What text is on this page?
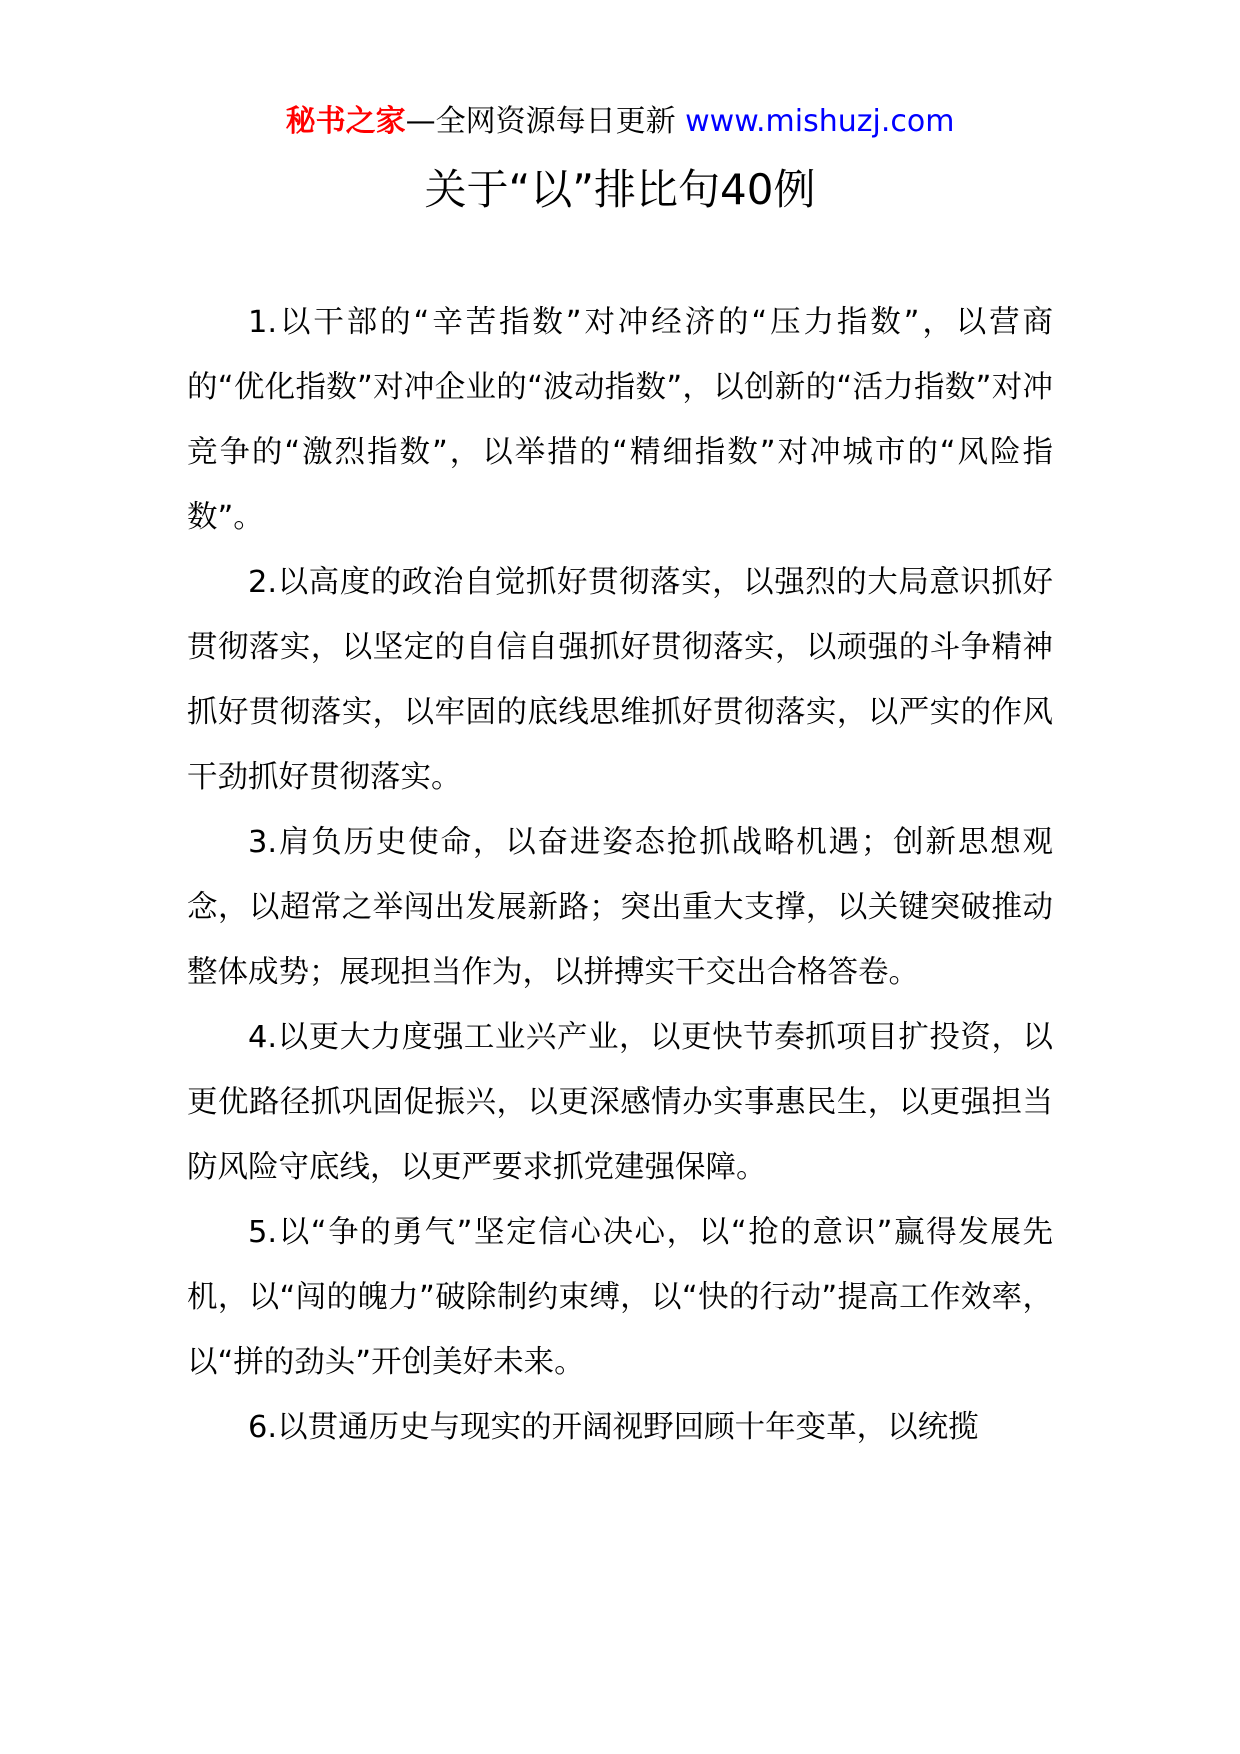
秘书之家—全网资源每日更新 www.mishuzj.com
关于“以”排比句40例

1.以干部的“辛苦指数”对冲经济的“压力指数”，以营商的“优化指数”对冲企业的“波动指数”，以创新的“活力指数”对冲竞争的“激烈指数”，以举措的“精细指数”对冲城市的“风险指数”。

2.以高度的政治自觉抓好贯彻落实，以强烈的大局意识抓好贯彻落实，以坚定的自信自强抓好贯彻落实，以顽强的斗争精神抓好贯彻落实，以牢固的底线思维抓好贯彻落实，以严实的作风干劲抓好贯彻落实。

3.肩负历史使命，以奋进姿态抢抓战略机遇；创新思想观念，以超常之举闯出发展新路；突出重大支撑，以关键突破推动整体成势；展现担当作为，以拼搏实干交出合格答卷。

4.以更大力度强工业兴产业，以更快节奏抓项目扩投资，以更优路径抓巩固促振兴，以更深感情办实事惠民生，以更强担当防风险守底线，以更严要求抓党建强保障。

5.以“争的勇气”坚定信心决心，以“抢的意识”赢得发展先机，以“闯的魄力”破除制约束缚，以“快的行动”提高工作效率，以“拼的劲头”开创美好未来。

6.以贯通历史与现实的开阔视野回顾十年变革，以统揽
